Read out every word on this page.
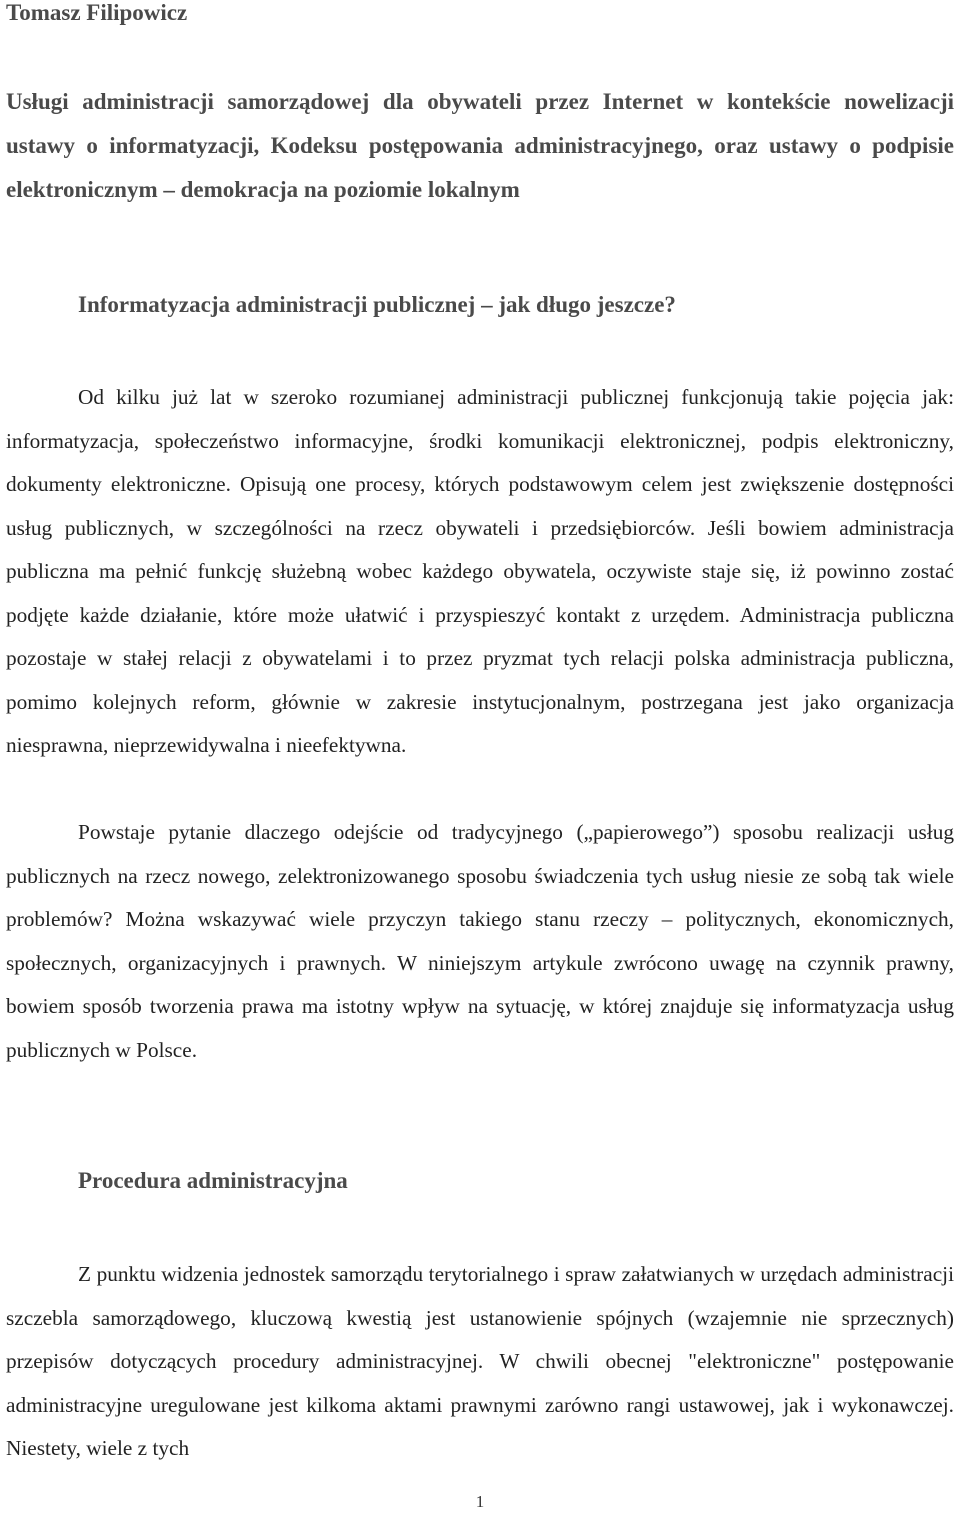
Tomasz Filipowicz

Usługi administracji samorządowej dla obywateli przez Internet w kontekście nowelizacji ustawy o informatyzacji, Kodeksu postępowania administracyjnego, oraz ustawy o podpisie elektronicznym – demokracja na poziomie lokalnym

Informatyzacja administracji publicznej – jak długo jeszcze?

Od kilku już lat w szeroko rozumianej administracji publicznej funkcjonują takie pojęcia jak: informatyzacja, społeczeństwo informacyjne, środki komunikacji elektronicznej, podpis elektroniczny, dokumenty elektroniczne. Opisują one procesy, których podstawowym celem jest zwiększenie dostępności usług publicznych, w szczególności na rzecz obywateli i przedsiębiorców. Jeśli bowiem administracja publiczna ma pełnić funkcję służebną wobec każdego obywatela, oczywiste staje się, iż powinno zostać podjęte każde działanie, które może ułatwić i przyspieszyć kontakt z urzędem. Administracja publiczna pozostaje w stałej relacji z obywatelami i to przez pryzmat tych relacji polska administracja publiczna, pomimo kolejnych reform, głównie w zakresie instytucjonalnym, postrzegana jest jako organizacja niesprawna, nieprzewidywalna i nieefektywna.

Powstaje pytanie dlaczego odejście od tradycyjnego („papierowego”) sposobu realizacji usług publicznych na rzecz nowego, zelektronizowanego sposobu świadczenia tych usług niesie ze sobą tak wiele problemów? Można wskazywać wiele przyczyn takiego stanu rzeczy – politycznych, ekonomicznych, społecznych, organizacyjnych i prawnych. W niniejszym artykule zwrócono uwagę na czynnik prawny, bowiem sposób tworzenia prawa ma istotny wpływ na sytuację, w której znajduje się informatyzacja usług publicznych w Polsce.

Procedura administracyjna

Z punktu widzenia jednostek samorządu terytorialnego i spraw załatwianych w urzędach administracji szczebla samorządowego, kluczową kwestią jest ustanowienie spójnych (wzajemnie nie sprzecznych) przepisów dotyczących procedury administracyjnej. W chwili obecnej "elektroniczne" postępowanie administracyjne uregulowane jest kilkoma aktami prawnymi zarówno rangi ustawowej, jak i wykonawczej. Niestety, wiele z tych

1
